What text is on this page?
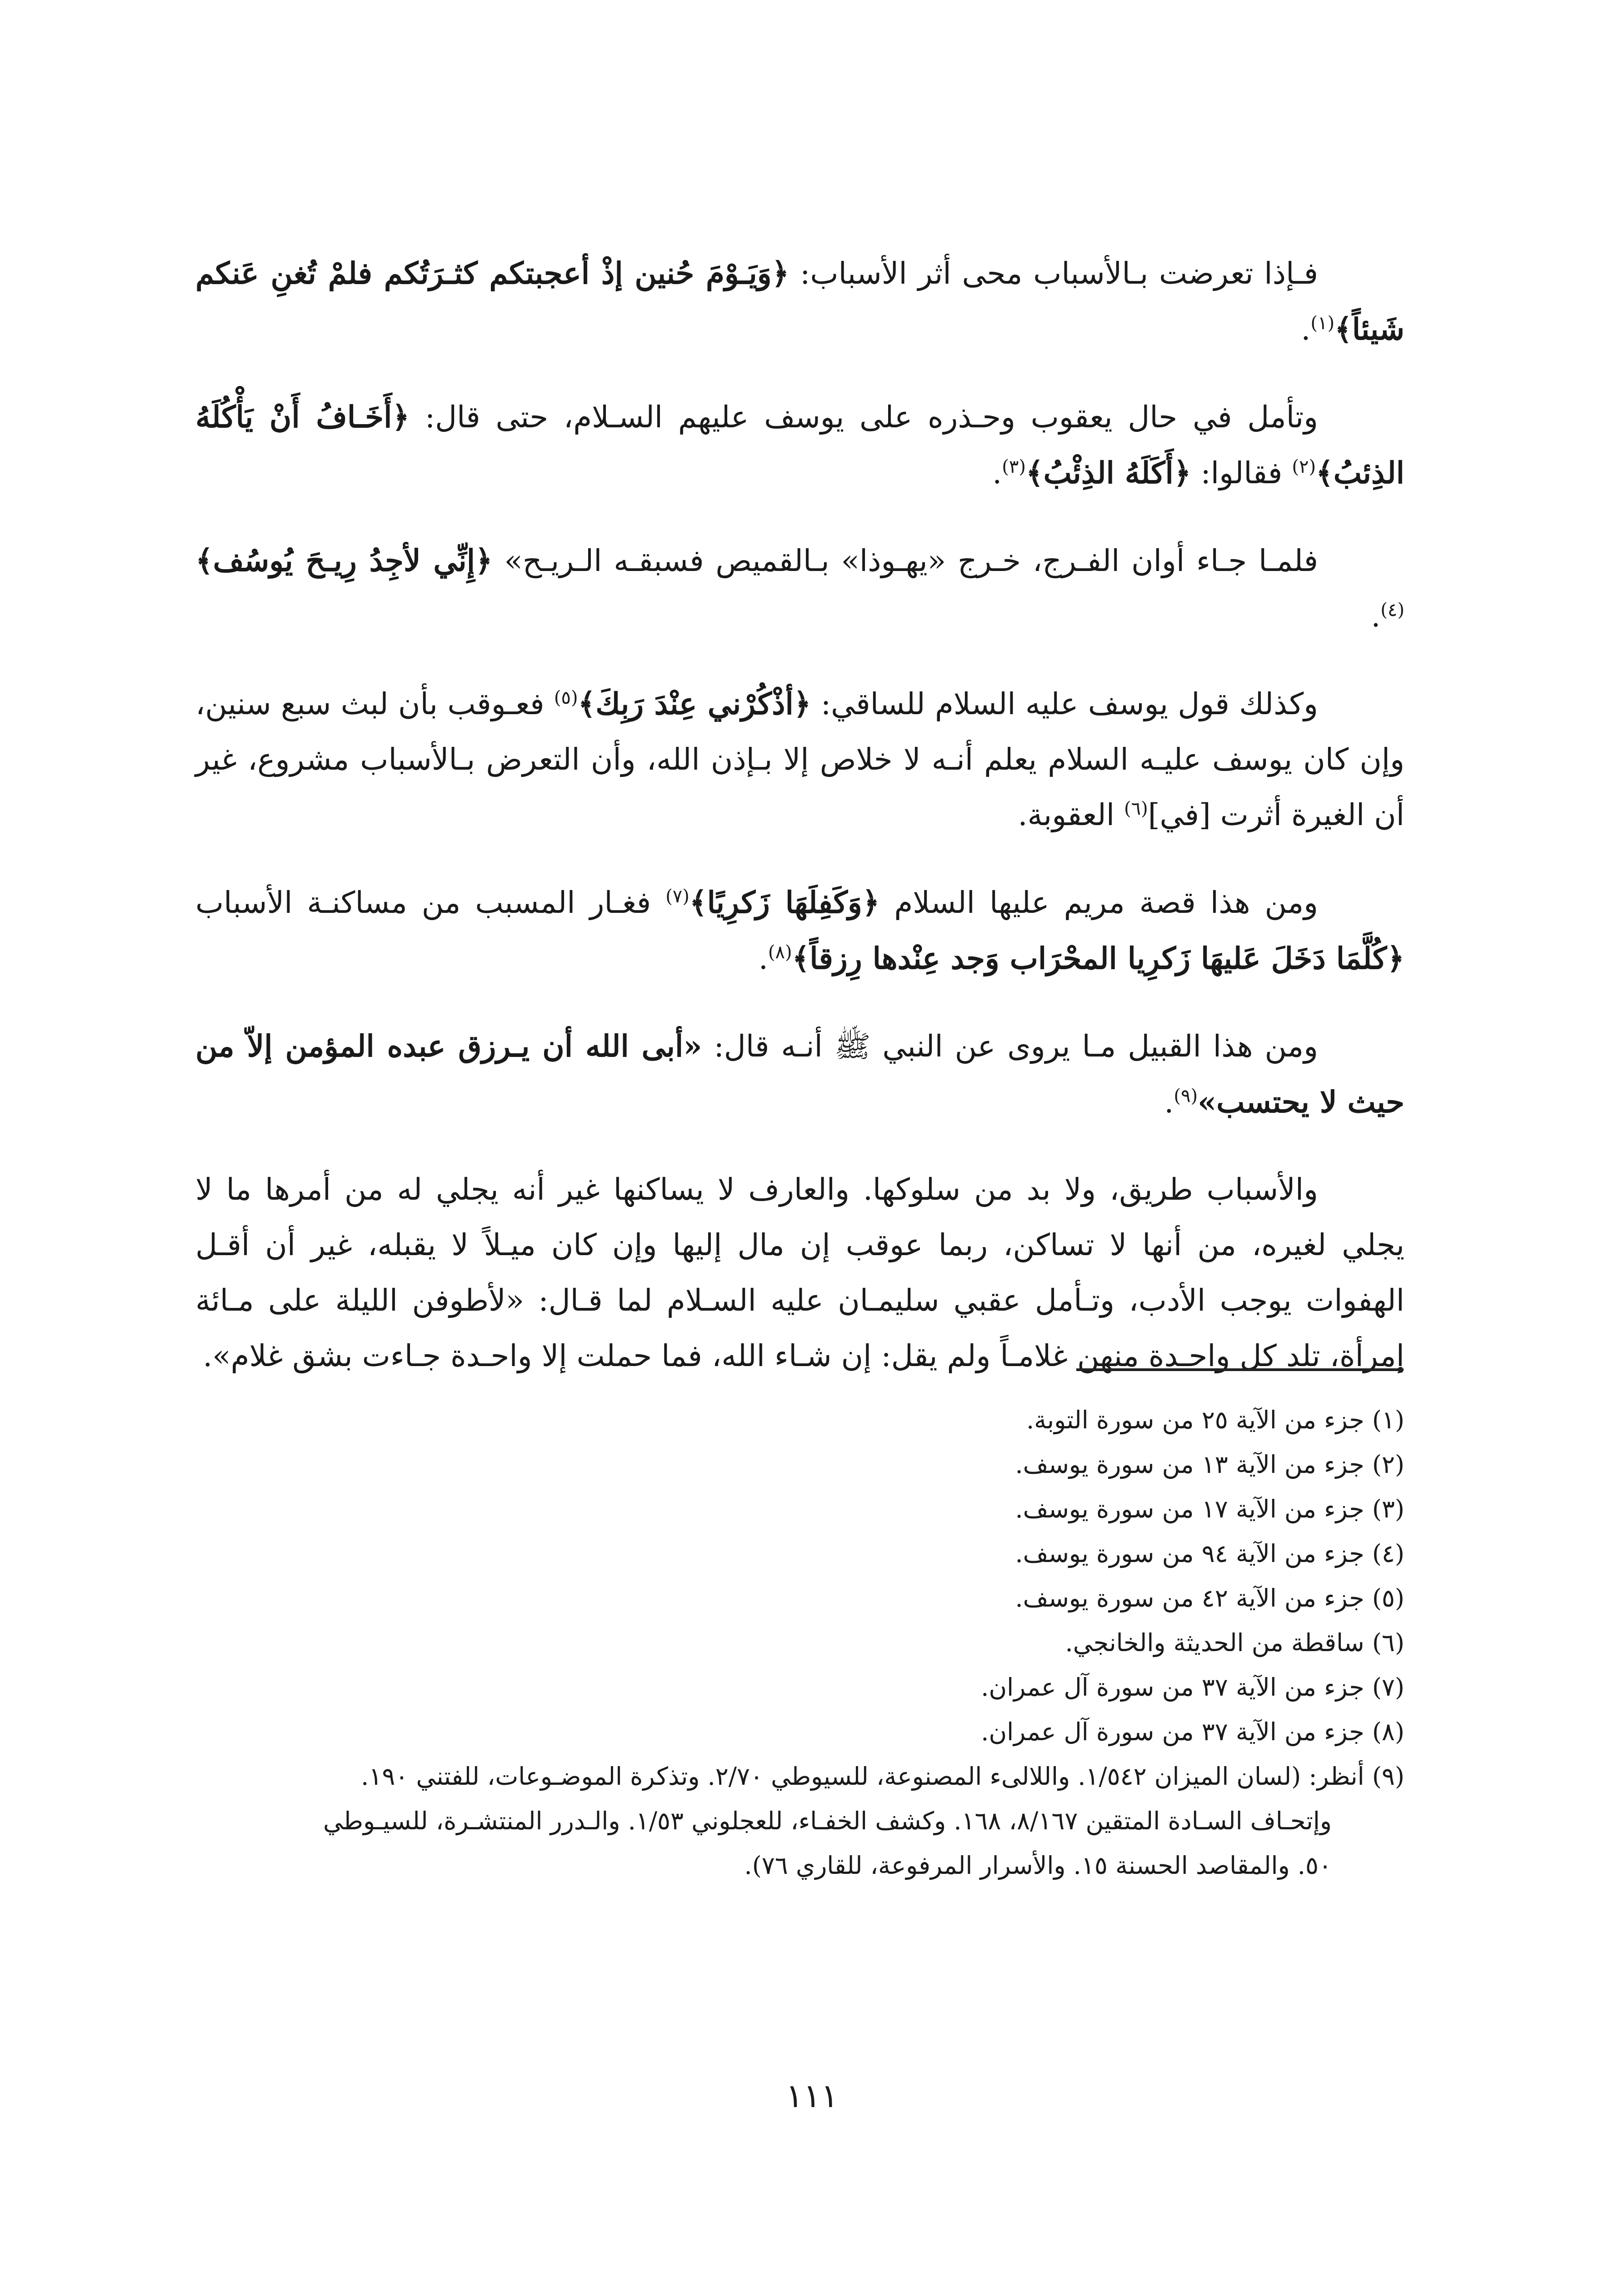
فـإذا تعرضت بـالأسباب محى أثر الأسباب: ﴿وَيَـوْمَ حُنين إذْ أعجبتكم كثـرَتُكم فلمْ تُغنِ عَنكم شَيئاً﴾$^{(١)}$.

وتأمل في حال يعقوب وحـذره على يوسف عليهم السـلام، حتى قال: ﴿أَخَـافُ أَنْ يَأْكُلَهُ الذِئبُ﴾$^{(٢)}$ فقالوا: ﴿أَكَلَهُ الذِئْبُ﴾$^{(٣)}$.

فلمـا جـاء أوان الفـرج، خـرج «يهـوذا» بـالقميص فسبقـه الـريـح» ﴿إِنِّي لأجِدُ رِيـحَ يُوسُف﴾$^{(٤)}$.

وكذلك قول يوسف عليه السلام للساقي: ﴿أذْكُرْني عِنْدَ رَبِكَ﴾$^{(٥)}$ فعـوقب بأن لبث سبع سنين، وإن كان يوسف عليـه السلام يعلم أنـه لا خلاص إلا بـإذن الله، وأن التعرض بـالأسباب مشروع، غير أن الغيرة أثرت [في]$^{(٦)}$ العقوبة.

ومن هذا قصة مريم عليها السلام ﴿وَكَفِلَهَا زَكرِيًا﴾$^{(٧)}$ فغـار المسبب من مساكنـة الأسباب ﴿كُلَّمَا دَخَلَ عَليهَا زَكرِيا المحْرَاب وَجد عِنْدها رِزقاً﴾$^{(٨)}$.

ومن هذا القبيل مـا يروى عن النبي ﷺ أنـه قال: «أبى الله أن يـرزق عبده المؤمن إلاّ من حيث لا يحتسب»$^{(٩)}$.

والأسباب طريق، ولا بد من سلوكها. والعارف لا يساكنها غير أنه يجلي له من أمرها ما لا يجلي لغيره، من أنها لا تساكن، ربما عوقب إن مال إليها وإن كان ميـلاً لا يقبله، غير أن أقـل الهفوات يوجب الأدب، وتـأمل عقبي سليمـان عليه السـلام لما قـال: «لأطوفن الليلة على مـائة إمرأة، تلد كل واحـدة منهن غلامـاً ولم يقل: إن شـاء الله، فما حملت إلا واحـدة جـاءت بشق غلام».

(١) جزء من الآية ٢٥ من سورة التوبة.

(٢) جزء من الآية ١٣ من سورة يوسف.

(٣) جزء من الآية ١٧ من سورة يوسف.

(٤) جزء من الآية ٩٤ من سورة يوسف.

(٥) جزء من الآية ٤٢ من سورة يوسف.

(٦) ساقطة من الحديثة والخانجي.

(٧) جزء من الآية ٣٧ من سورة آل عمران.

(٨) جزء من الآية ٣٧ من سورة آل عمران.

(٩) أنظر: (لسان الميزان ١/٥٤٢. واللالىء المصنوعة، للسيوطي ٢/٧٠. وتذكرة الموضـوعات، للفتني ١٩٠.

وإتحـاف السـادة المتقين ٨/١٦٧، ١٦٨. وكشف الخفـاء، للعجلوني ١/٥٣. والـدرر المنتشـرة، للسيـوطي

٥٠. والمقاصد الحسنة ١٥. والأسرار المرفوعة، للقاري ٧٦).

١١١
